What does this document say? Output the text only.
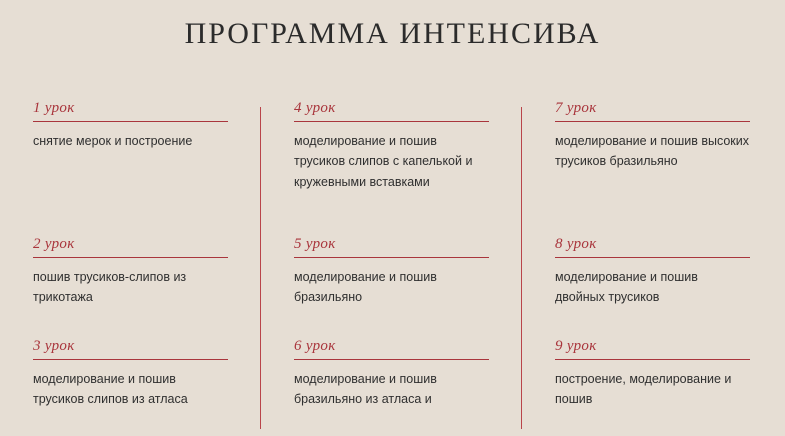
ПРОГРАММА ИНТЕНСИВА
1 урок
снятие мерок и построение
2 урок
пошив трусиков-слипов из трикотажа
3 урок
моделирование и пошив трусиков слипов из атласа
4 урок
моделирование и пошив трусиков слипов с капелькой и кружевными вставками
5 урок
моделирование и пошив бразильяно
6 урок
моделирование и пошив бразильяно из атласа и
7 урок
моделирование и пошив высоких трусиков бразильяно
8 урок
моделирование и пошив двойных трусиков
9 урок
построение, моделирование и пошив
